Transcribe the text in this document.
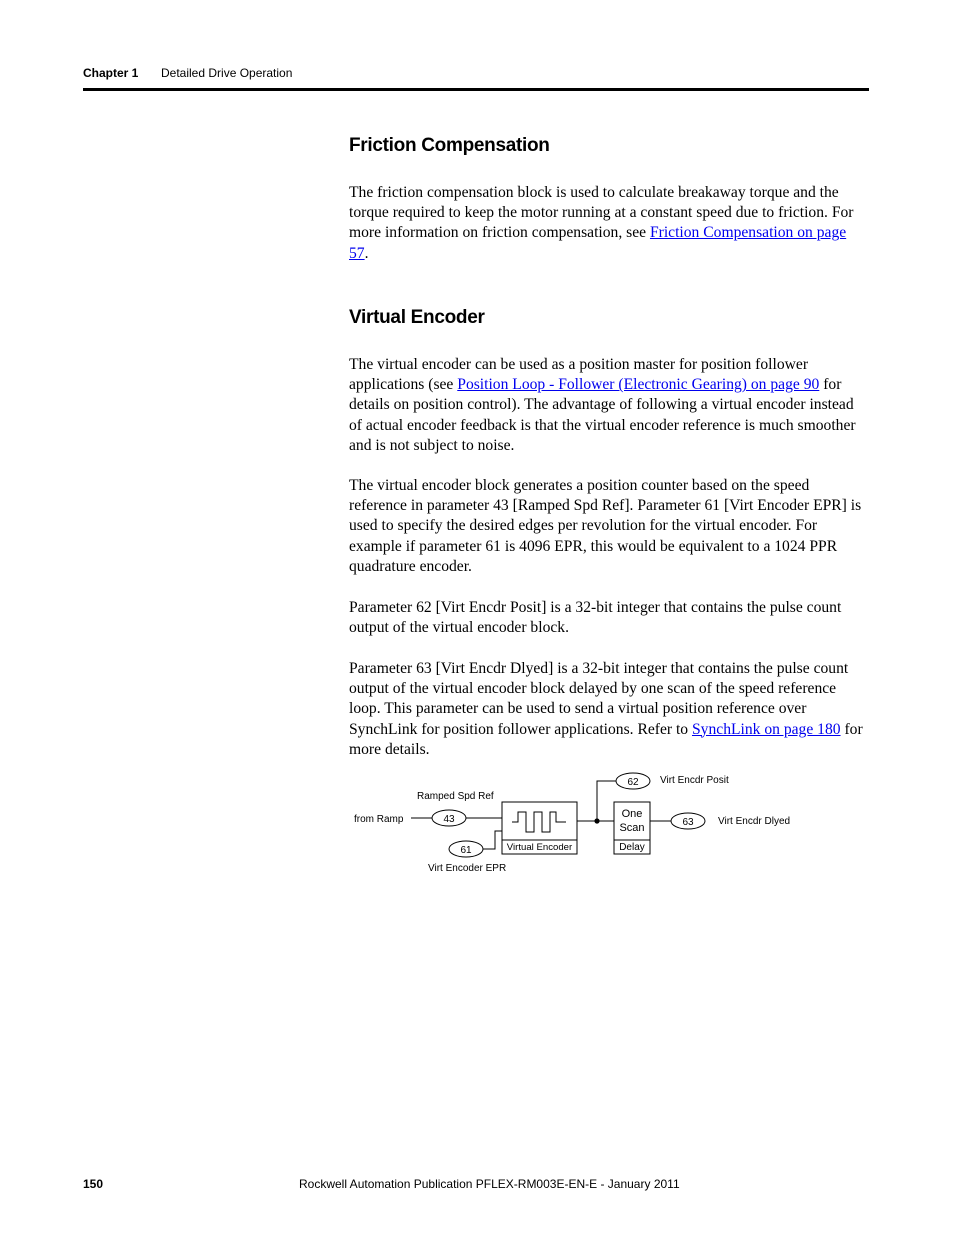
Chapter 1 Detailed Drive Operation
Friction Compensation

The friction compensation block is used to calculate breakaway torque and the torque required to keep the motor running at a constant speed due to friction. For more information on friction compensation, see Friction Compensation on page 57.

Virtual Encoder

The virtual encoder can be used as a position master for position follower applications (see Position Loop - Follower (Electronic Gearing) on page 90 for details on position control). The advantage of following a virtual encoder instead of actual encoder feedback is that the virtual encoder reference is much smoother and is not subject to noise.

The virtual encoder block generates a position counter based on the speed reference in parameter 43 [Ramped Spd Ref]. Parameter 61 [Virt Encoder EPR] is used to specify the desired edges per revolution for the virtual encoder. For example if parameter 61 is 4096 EPR, this would be equivalent to a 1024 PPR quadrature encoder.

Parameter 62 [Virt Encdr Posit] is a 32-bit integer that contains the pulse count output of the virtual encoder block.

Parameter 63 [Virt Encdr Dlyed] is a 32-bit integer that contains the pulse count output of the virtual encoder block delayed by one scan of the speed reference loop. This parameter can be used to send a virtual position reference over SynchLink for position follower applications. Refer to SynchLink on page 180 for more details.

Ramped Spd Ref
from Ramp	43
61
Virt Encoder EPR
Virtual Encoder
One
Scan
Delay
62 Virt Encdr Posit
63 Virt Encdr Dlyed
150	Rockwell Automation Publication PFLEX-RM003E-EN-E - January 2011
